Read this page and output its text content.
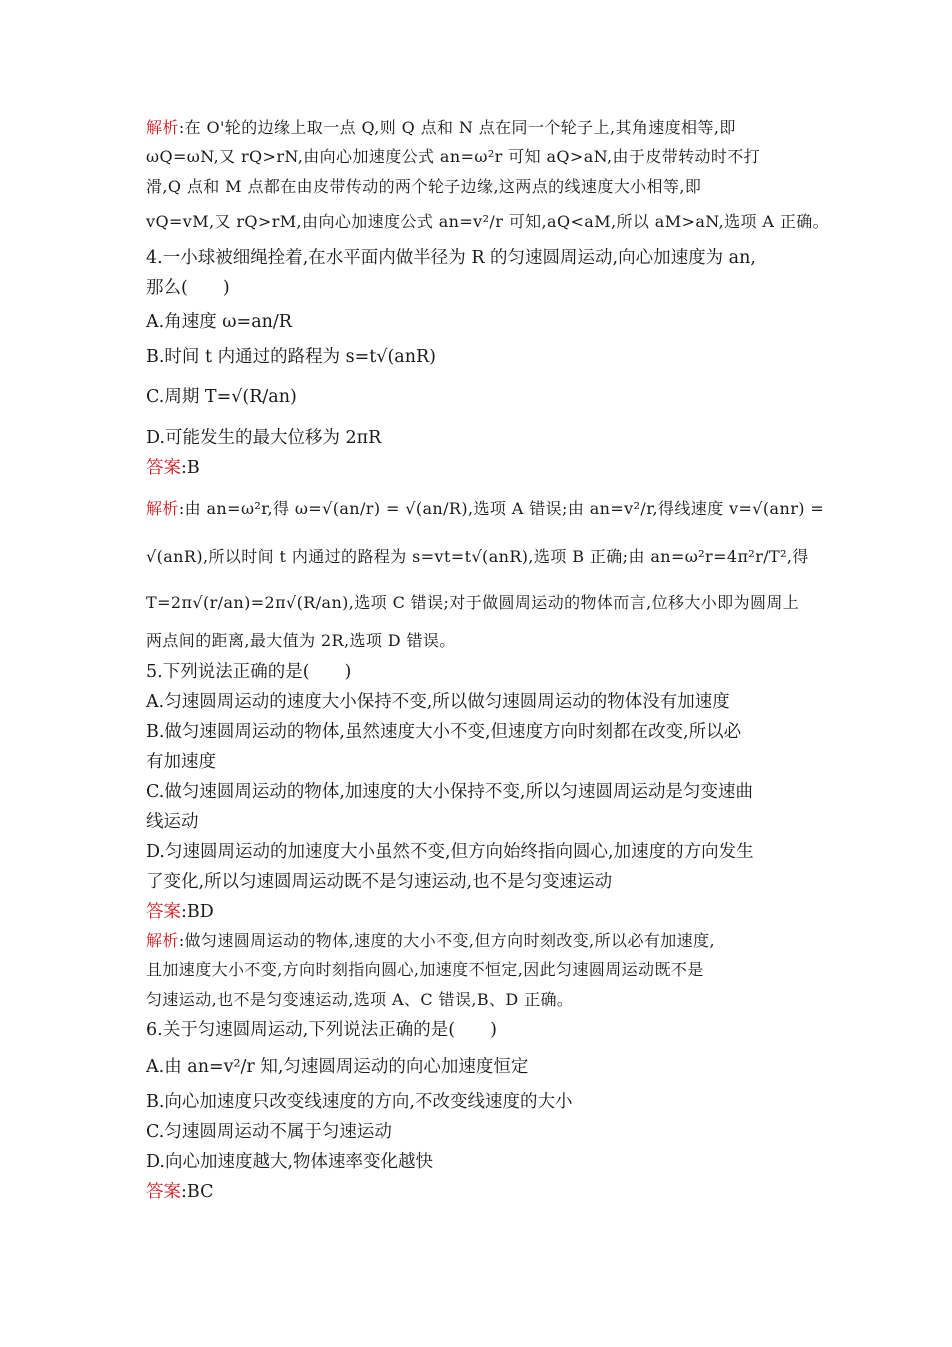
解析:在 O'轮的边缘上取一点 Q,则 Q 点和 N 点在同一个轮子上,其角速度相等,即

ωQ=ωN,又 rQ>rN,由向心加速度公式 an=ω²r 可知 aQ>aN,由于皮带转动时不打

滑,Q 点和 M 点都在由皮带传动的两个轮子边缘,这两点的线速度大小相等,即

vQ=vM,又 rQ>rM,由向心加速度公式 an=v²/r 可知,aQ<aM,所以 aM>aN,选项 A 正确。

4.一小球被细绳拴着,在水平面内做半径为 R 的匀速圆周运动,向心加速度为 an,

那么(　　)

A.角速度 ω=an/R

B.时间 t 内通过的路程为 s=t√(anR)

C.周期 T=√(R/an)

D.可能发生的最大位移为 2πR

答案:B

解析:由 an=ω²r,得 ω=√(an/r) = √(an/R),选项 A 错误;由 an=v²/r,得线速度 v=√(anr) =

√(anR),所以时间 t 内通过的路程为 s=vt=t√(anR),选项 B 正确;由 an=ω²r=4π²r/T²,得

T=2π√(r/an)=2π√(R/an),选项 C 错误;对于做圆周运动的物体而言,位移大小即为圆周上

两点间的距离,最大值为 2R,选项 D 错误。

5.下列说法正确的是(　　)

A.匀速圆周运动的速度大小保持不变,所以做匀速圆周运动的物体没有加速度

B.做匀速圆周运动的物体,虽然速度大小不变,但速度方向时刻都在改变,所以必

有加速度

C.做匀速圆周运动的物体,加速度的大小保持不变,所以匀速圆周运动是匀变速曲

线运动

D.匀速圆周运动的加速度大小虽然不变,但方向始终指向圆心,加速度的方向发生

了变化,所以匀速圆周运动既不是匀速运动,也不是匀变速运动

答案:BD

解析:做匀速圆周运动的物体,速度的大小不变,但方向时刻改变,所以必有加速度,

且加速度大小不变,方向时刻指向圆心,加速度不恒定,因此匀速圆周运动既不是

匀速运动,也不是匀变速运动,选项 A、C 错误,B、D 正确。

6.关于匀速圆周运动,下列说法正确的是(　　)

A.由 an=v²/r 知,匀速圆周运动的向心加速度恒定

B.向心加速度只改变线速度的方向,不改变线速度的大小

C.匀速圆周运动不属于匀速运动

D.向心加速度越大,物体速率变化越快

答案:BC
